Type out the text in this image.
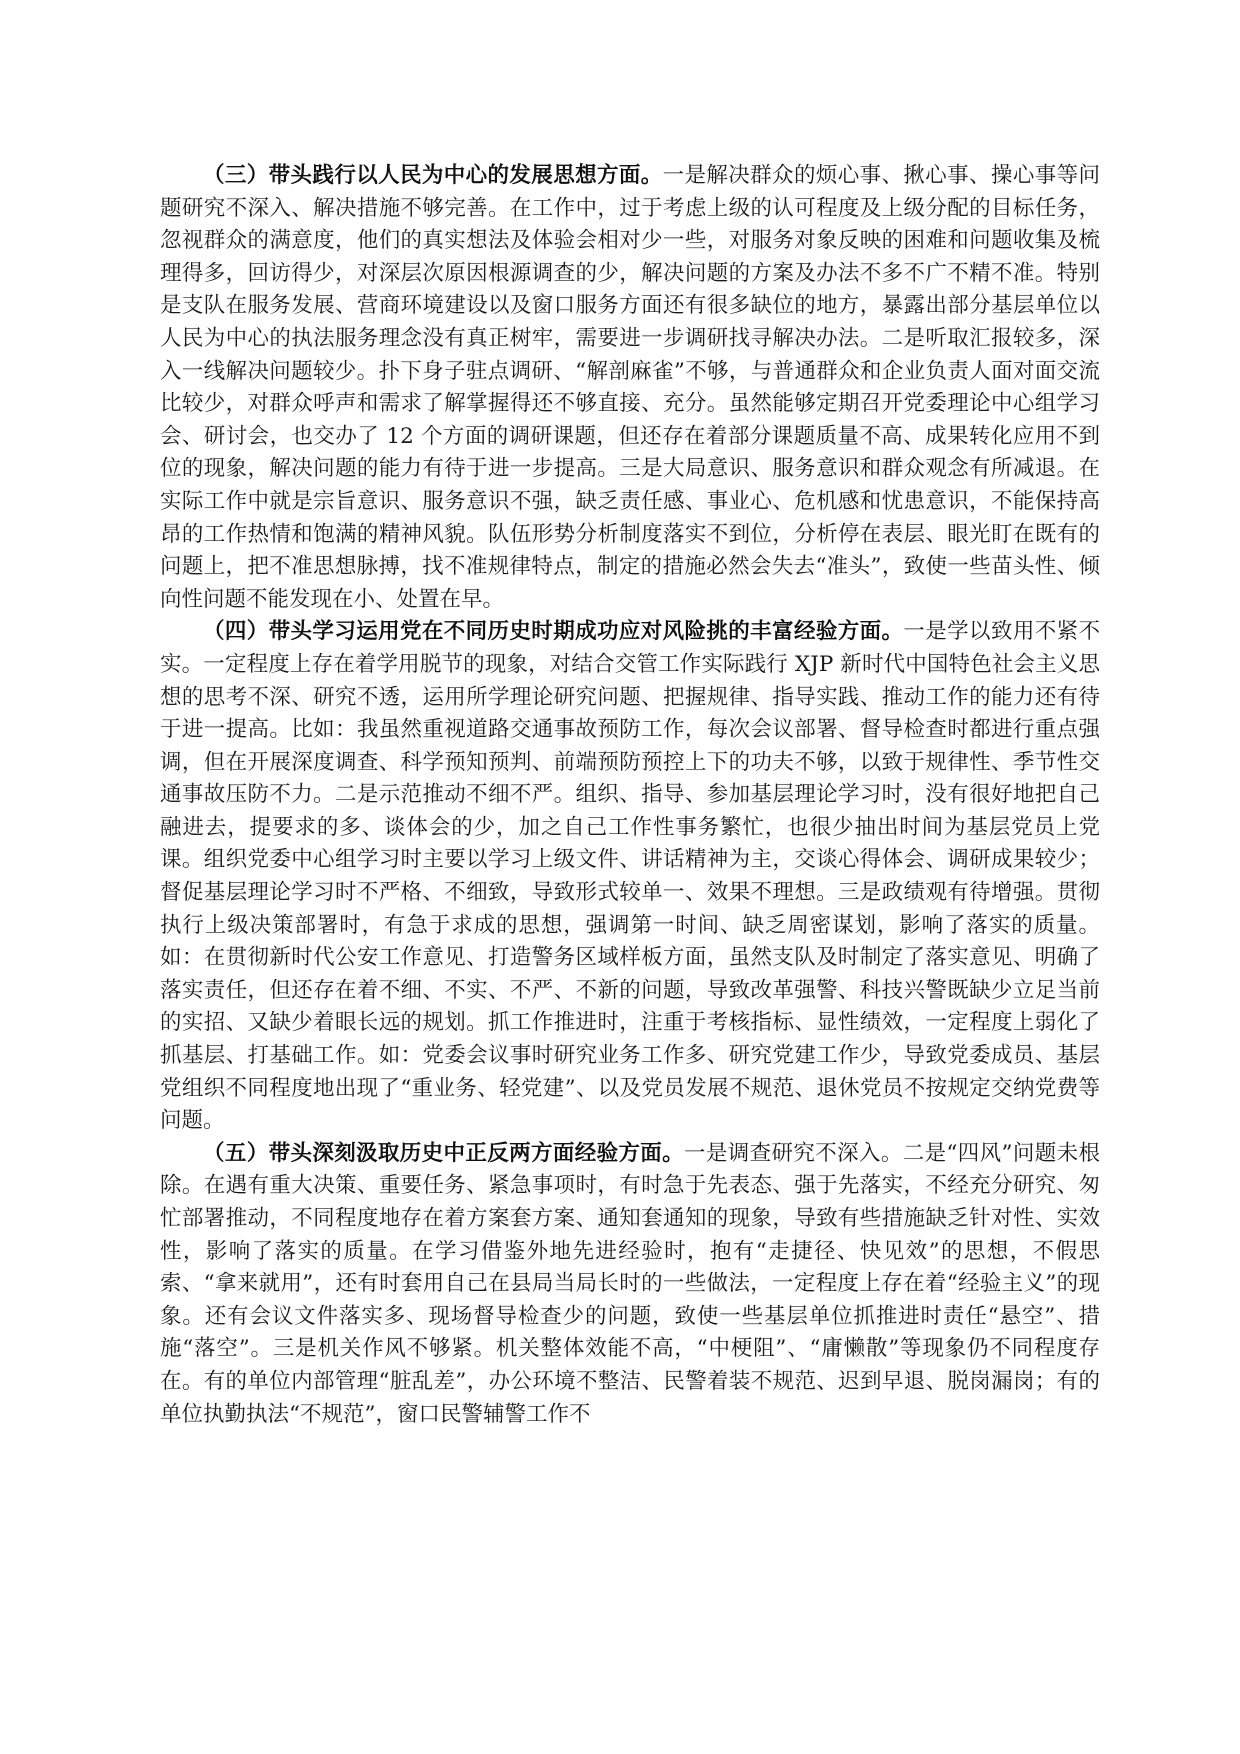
（三）带头践行以人民为中心的发展思想方面。一是解决群众的烦心事、揪心事、操心事等问题研究不深入、解决措施不够完善。在工作中，过于考虑上级的认可程度及上级分配的目标任务，忽视群众的满意度，他们的真实想法及体验会相对少一些，对服务对象反映的困难和问题收集及梳理得多，回访得少，对深层次原因根源调查的少，解决问题的方案及办法不多不广不精不准。特别是支队在服务发展、营商环境建设以及窗口服务方面还有很多缺位的地方，暴露出部分基层单位以人民为中心的执法服务理念没有真正树牢，需要进一步调研找寻解决办法。二是听取汇报较多，深入一线解决问题较少。扑下身子驻点调研、“解剖麻雀”不够，与普通群众和企业负责人面对面交流比较少，对群众呼声和需求了解掌握得还不够直接、充分。虽然能够定期召开党委理论中心组学习会、研讨会，也交办了 12 个方面的调研课题，但还存在着部分课题质量不高、成果转化应用不到位的现象，解决问题的能力有待于进一步提高。三是大局意识、服务意识和群众观念有所减退。在实际工作中就是宗旨意识、服务意识不强，缺乏责任感、事业心、危机感和忧患意识，不能保持高昂的工作热情和饱满的精神风貌。队伍形势分析制度落实不到位，分析停在表层、眼光盯在既有的问题上，把不准思想脉搏，找不准规律特点，制定的措施必然会失去“准头”，致使一些苗头性、倾向性问题不能发现在小、处置在早。

（四）带头学习运用党在不同历史时期成功应对风险挑的丰富经验方面。一是学以致用不紧不实。一定程度上存在着学用脱节的现象，对结合交管工作实际践行 XJP 新时代中国特色社会主义思想的思考不深、研究不透，运用所学理论研究问题、把握规律、指导实践、推动工作的能力还有待于进一提高。比如：我虽然重视道路交通事故预防工作，每次会议部署、督导检查时都进行重点强调，但在开展深度调查、科学预知预判、前端预防预控上下的功夫不够，以致于规律性、季节性交通事故压防不力。二是示范推动不细不严。组织、指导、参加基层理论学习时，没有很好地把自己融进去，提要求的多、谈体会的少，加之自己工作性事务繁忙，也很少抽出时间为基层党员上党课。组织党委中心组学习时主要以学习上级文件、讲话精神为主，交谈心得体会、调研成果较少；督促基层理论学习时不严格、不细致，导致形式较单一、效果不理想。三是政绩观有待增强。贯彻执行上级决策部署时，有急于求成的思想，强调第一时间、缺乏周密谋划，影响了落实的质量。如：在贯彻新时代公安工作意见、打造警务区域样板方面，虽然支队及时制定了落实意见、明确了落实责任，但还存在着不细、不实、不严、不新的问题，导致改革强警、科技兴警既缺少立足当前的实招、又缺少着眼长远的规划。抓工作推进时，注重于考核指标、显性绩效，一定程度上弱化了抓基层、打基础工作。如：党委会议事时研究业务工作多、研究党建工作少，导致党委成员、基层党组织不同程度地出现了“重业务、轻党建”、以及党员发展不规范、退休党员不按规定交纳党费等问题。

（五）带头深刻汲取历史中正反两方面经验方面。一是调查研究不深入。二是“四风”问题未根除。在遇有重大决策、重要任务、紧急事项时，有时急于先表态、强于先落实，不经充分研究、匆忙部署推动，不同程度地存在着方案套方案、通知套通知的现象，导致有些措施缺乏针对性、实效性，影响了落实的质量。在学习借鉴外地先进经验时，抱有“走捷径、快见效”的思想，不假思索、“拿来就用”，还有时套用自己在县局当局长时的一些做法，一定程度上存在着“经验主义”的现象。还有会议文件落实多、现场督导检查少的问题，致使一些基层单位抓推进时责任“悬空”、措施“落空”。三是机关作风不够紧。机关整体效能不高，“中梗阻”、“庸懒散”等现象仍不同程度存在。有的单位内部管理“脏乱差”，办公环境不整洁、民警着装不规范、迟到早退、脱岗漏岗；有的单位执勤执法“不规范”，窗口民警辅警工作不
